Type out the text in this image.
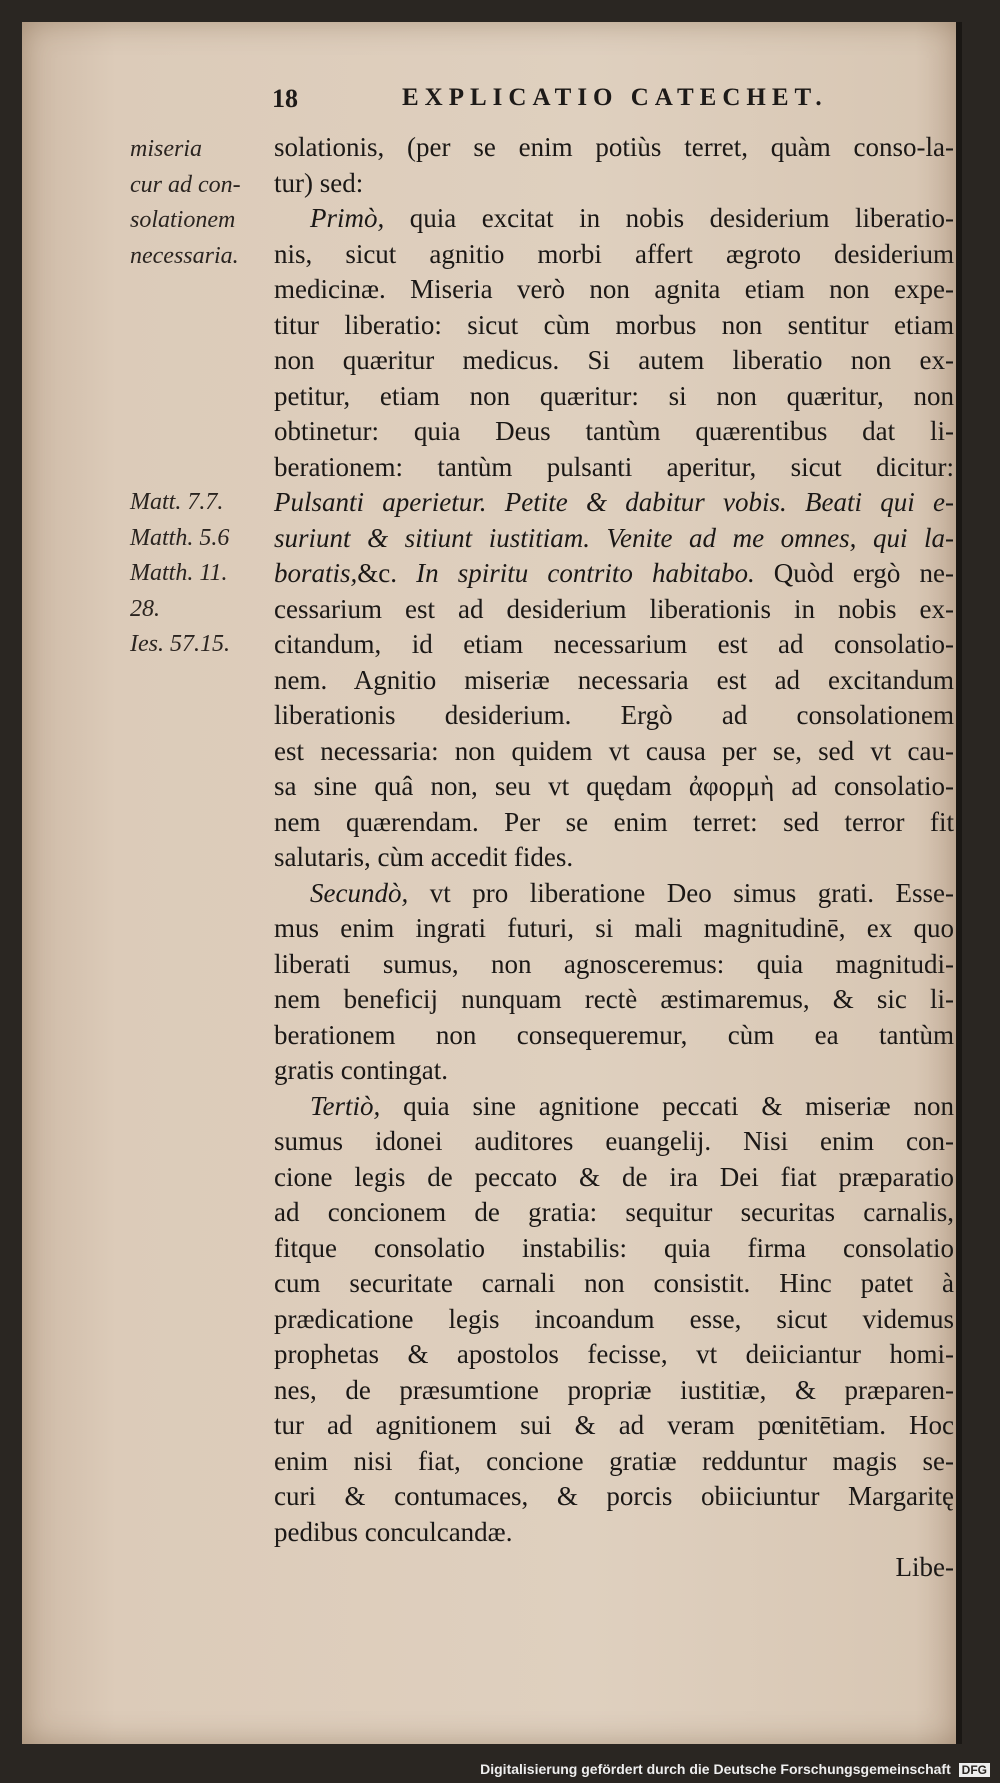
18	EXPLICATIO CATECHET.
miseria
cur ad con-
solationem
necessaria.
Matt. 7.7.
Matth. 5.6
Matth. 11.
28.
Ies. 57.15.
solationis, (per se enim potiùs terret, quàm conso-la-
tur) sed:
Primò, quia excitat in nobis desiderium liberatio-
nis, sicut agnitio morbi affert ægroto desiderium
medicinæ. Miseria verò non agnita etiam non expe-
titur liberatio: sicut cùm morbus non sentitur etiam
non quæritur medicus. Si autem liberatio non ex-
petitur, etiam non quæritur: si non quæritur, non
obtinetur: quia Deus tantùm quærentibus dat li-
berationem: tantùm pulsanti aperitur, sicut dicitur:
Pulsanti aperietur. Petite & dabitur vobis. Beati qui e-
suriunt & sitiunt iustitiam. Venite ad me omnes, qui la-
boratis,&c. In spiritu contrito habitabo. Quòd ergò ne-
cessarium est ad desiderium liberationis in nobis ex-
citandum, id etiam necessarium est ad consolatio-
nem. Agnitio miseriæ necessaria est ad excitandum
liberationis desiderium. Ergò ad consolationem
est necessaria: non quidem vt causa per se, sed vt cau-
sa sine quâ non, seu vt quędam ἀφορμὴ ad consolatio-
nem quærendam. Per se enim terret: sed terror fit
salutaris, cùm accedit fides.
Secundò, vt pro liberatione Deo simus grati. Esse-
mus enim ingrati futuri, si mali magnitudinē, ex quo
liberati sumus, non agnosceremus: quia magnitudi-
nem beneficij nunquam rectè æstimaremus, & sic li-
berationem non consequeremur, cùm ea tantùm
gratis contingat.
Tertiò, quia sine agnitione peccati & miseriæ non
sumus idonei auditores euangelij. Nisi enim con-
cione legis de peccato & de ira Dei fiat præparatio
ad concionem de gratia: sequitur securitas carnalis,
fitque consolatio instabilis: quia firma consolatio
cum securitate carnali non consistit. Hinc patet à
prædicatione legis incoandum esse, sicut videmus
prophetas & apostolos fecisse, vt deiiciantur homi-
nes, de præsumtione propriæ iustitiæ, & præparen-
tur ad agnitionem sui & ad veram pœnitētiam. Hoc
enim nisi fiat, concione gratiæ redduntur magis se-
curi & contumaces, & porcis obiiciuntur Margaritę
pedibus conculcandæ.
Libe-
Digitalisierung gefördert durch die Deutsche Forschungsgemeinschaft DFG
